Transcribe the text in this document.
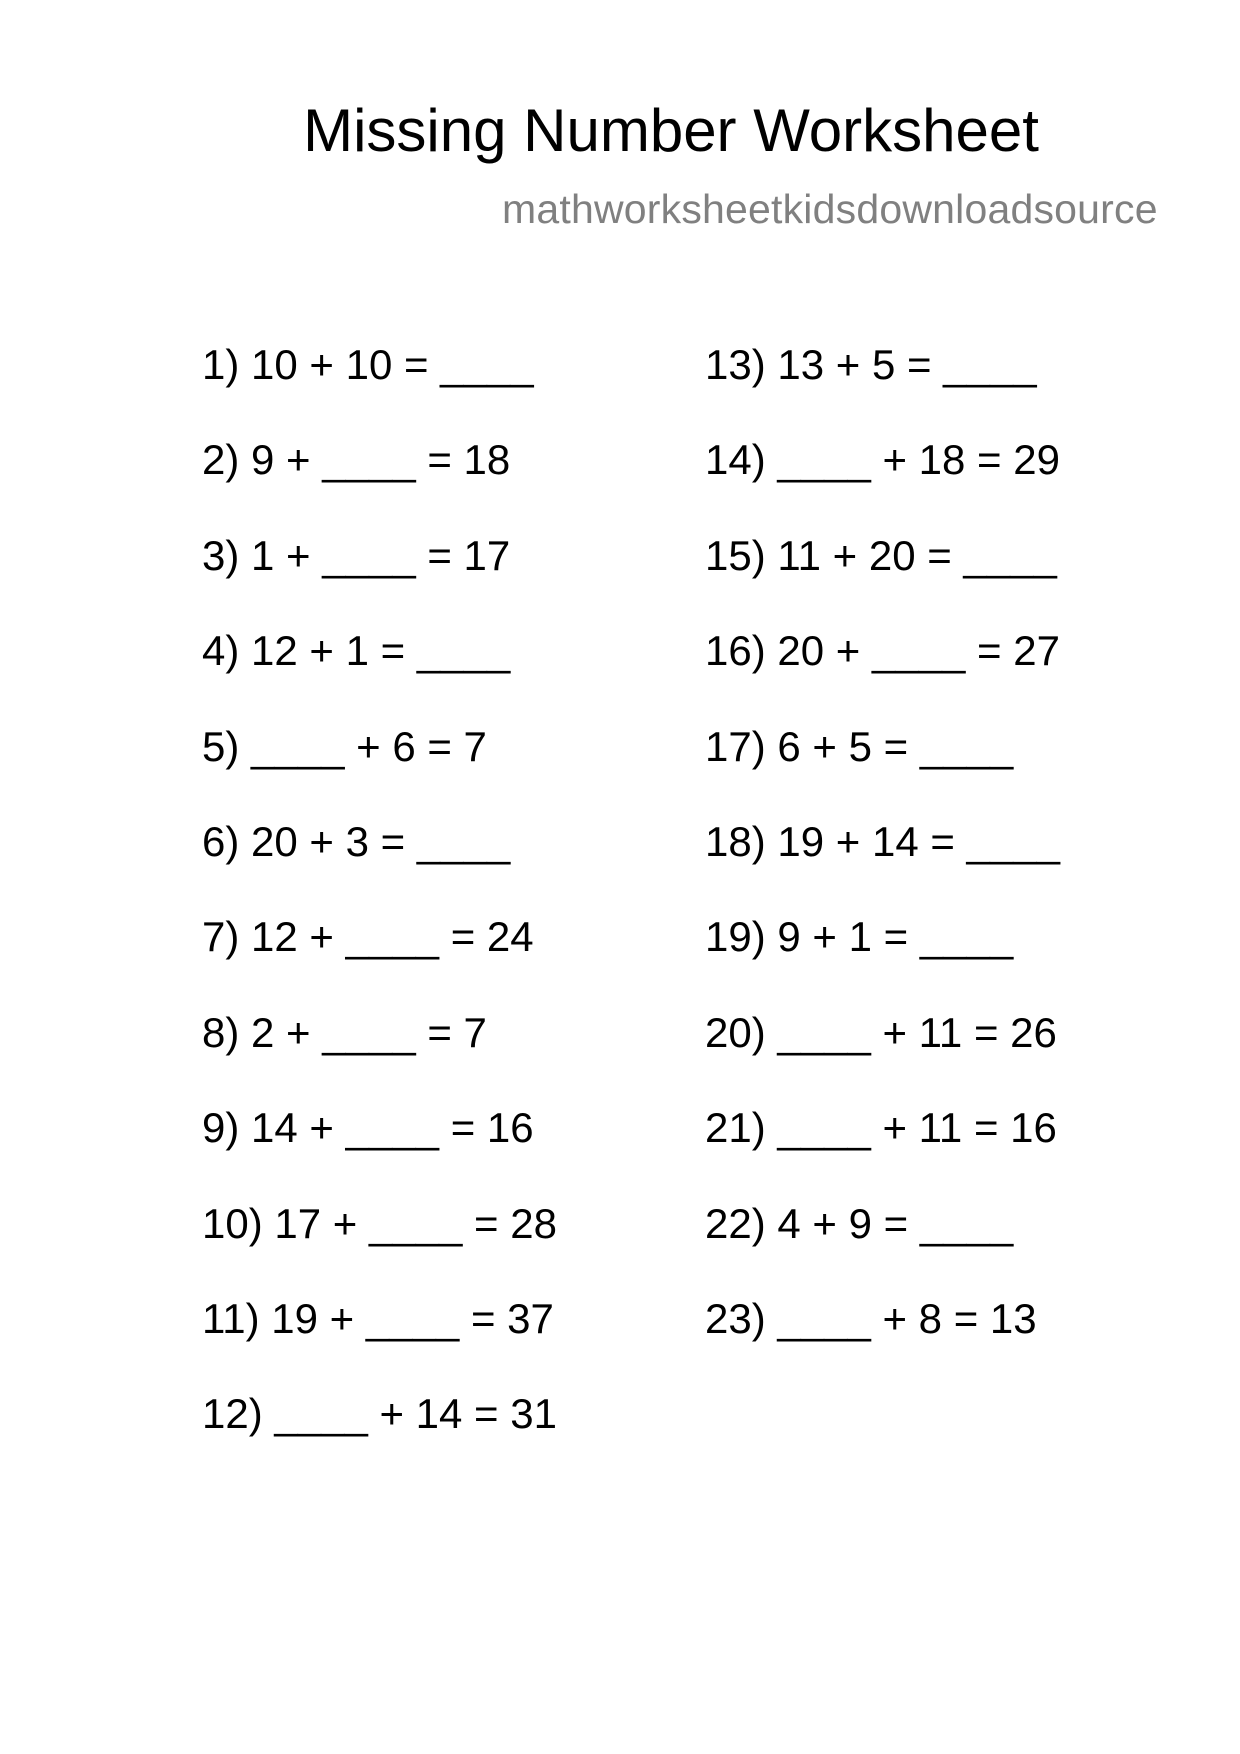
Missing Number Worksheet
mathworksheetkidsdownloadsource
1) 10 + 10 = ____
2) 9 + ____ = 18
3) 1 + ____ = 17
4) 12 + 1 = ____
5) ____ + 6 = 7
6) 20 + 3 = ____
7) 12 + ____ = 24
8) 2 + ____ = 7
9) 14 + ____ = 16
10) 17 + ____ = 28
11) 19 + ____ = 37
12) ____ + 14 = 31
13) 13 + 5 = ____
14) ____ + 18 = 29
15) 11 + 20 = ____
16) 20 + ____ = 27
17) 6 + 5 = ____
18) 19 + 14 = ____
19) 9 + 1 = ____
20) ____ + 11 = 26
21) ____ + 11 = 16
22) 4 + 9 = ____
23) ____ + 8 = 13
